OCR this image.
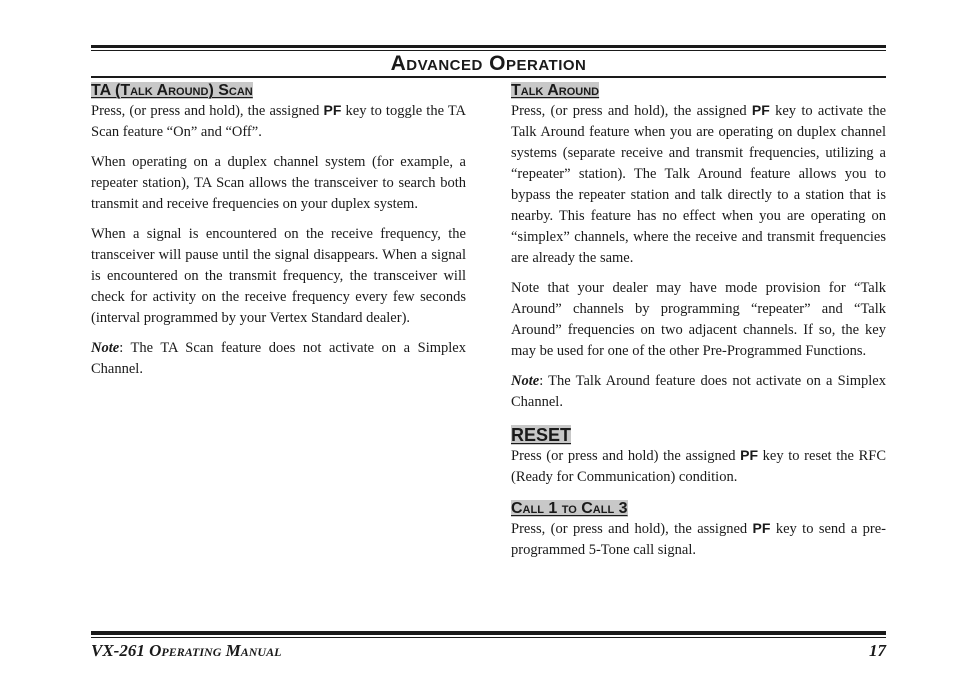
Advanced Operation
TA (Talk Around) Scan

Press, (or press and hold), the assigned PF key to toggle the TA Scan feature “On” and “Off”.

When operating on a duplex channel system (for example, a repeater station), TA Scan allows the transceiver to search both transmit and receive frequencies on your duplex system.

When a signal is encountered on the receive frequency, the transceiver will pause until the signal disappears. When a signal is encountered on the transmit frequency, the transceiver will check for activity on the receive frequency every few seconds (interval programmed by your Vertex Standard dealer).

Note: The TA Scan feature does not activate on a Simplex Channel.

Talk Around

Press, (or press and hold), the assigned PF key to activate the Talk Around feature when you are operating on duplex channel systems (separate receive and transmit frequencies, utilizing a “repeater” station). The Talk Around feature allows you to bypass the repeater station and talk directly to a station that is nearby. This feature has no effect when you are operating on “simplex” channels, where the receive and transmit frequencies are already the same.

Note that your dealer may have mode provision for “Talk Around” channels by programming “repeater” and “Talk Around” frequencies on two adjacent channels. If so, the key may be used for one of the other Pre-Programmed Functions.

Note: The Talk Around feature does not activate on a Simplex Channel.

RESET

Press (or press and hold) the assigned PF key to reset the RFC (Ready for Communication) condition.

Call 1 to Call 3

Press, (or press and hold), the assigned PF key to send a pre-programmed 5-Tone call signal.

VX-261 Operating Manual	17
